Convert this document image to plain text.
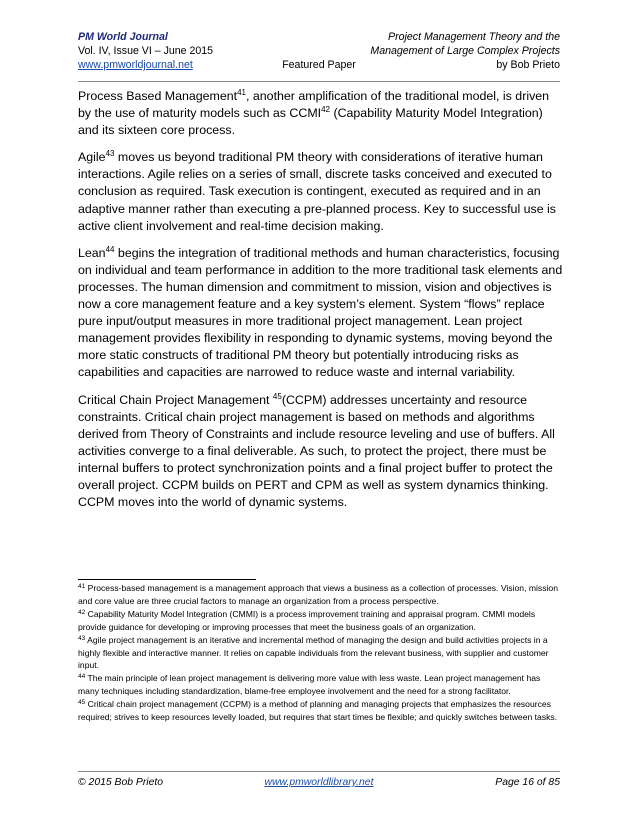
PM World Journal	Project Management Theory and the
Vol. IV, Issue VI – June 2015	Management of Large Complex Projects
www.pmworldjournal.net	Featured Paper	by Bob Prieto

Process Based Management$^{41}$, another amplification of the traditional model, is driven by the use of maturity models such as CCMI$^{42}$ (Capability Maturity Model Integration) and its sixteen core process.

Agile$^{43}$ moves us beyond traditional PM theory with considerations of iterative human interactions. Agile relies on a series of small, discrete tasks conceived and executed to conclusion as required. Task execution is contingent, executed as required and in an adaptive manner rather than executing a pre-planned process. Key to successful use is active client involvement and real-time decision making.

Lean$^{44}$ begins the integration of traditional methods and human characteristics, focusing on individual and team performance in addition to the more traditional task elements and processes. The human dimension and commitment to mission, vision and objectives is now a core management feature and a key system’s element. System “flows” replace pure input/output measures in more traditional project management. Lean project management provides flexibility in responding to dynamic systems, moving beyond the more static constructs of traditional PM theory but potentially introducing risks as capabilities and capacities are narrowed to reduce waste and internal variability.

Critical Chain Project Management $^{45}$(CCPM) addresses uncertainty and resource constraints. Critical chain project management is based on methods and algorithms derived from Theory of Constraints and include resource leveling and use of buffers. All activities converge to a final deliverable. As such, to protect the project, there must be internal buffers to protect synchronization points and a final project buffer to protect the overall project. CCPM builds on PERT and CPM as well as system dynamics thinking. CCPM moves into the world of dynamic systems.

$^{41}$ Process-based management is a management approach that views a business as a collection of processes. Vision, mission and core value are three crucial factors to manage an organization from a process perspective.
$^{42}$ Capability Maturity Model Integration (CMMI) is a process improvement training and appraisal program. CMMI models provide guidance for developing or improving processes that meet the business goals of an organization.
$^{43}$ Agile project management is an iterative and incremental method of managing the design and build activities projects in a highly flexible and interactive manner. It relies on capable individuals from the relevant business, with supplier and customer input.
$^{44}$ The main principle of lean project management is delivering more value with less waste. Lean project management has many techniques including standardization, blame-free employee involvement and the need for a strong facilitator.
$^{45}$ Critical chain project management (CCPM) is a method of planning and managing projects that emphasizes the resources required; strives to keep resources levelly loaded, but requires that start times be flexible; and quickly switches between tasks.
© 2015 Bob Prieto	www.pmworldlibrary.net	Page 16 of 85
